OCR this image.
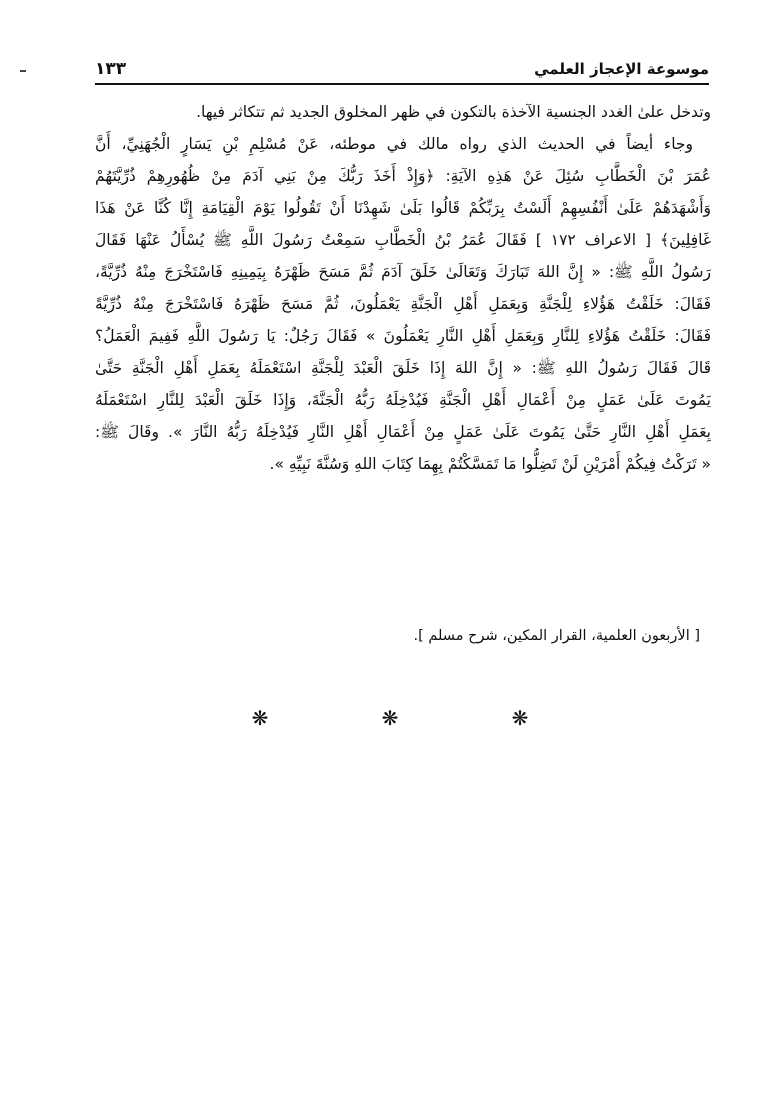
موسوعة الإعجاز العلمي
١٣٣
وتدخل علىٰ الغدد الجنسية الآخذة بالتكون في ظهر المخلوق الجديد ثم تتكاثر فيها.
وجاء أيضاً في الحديث الذي رواه مالك في موطئه، عَنْ مُسْلِمِ بْنِ يَسَارٍ الْجُهَنِيِّ، أَنَّ
عُمَرَ بْنَ الْخَطَّابِ سُئِلَ عَنْ هَذِهِ الآيَةِ: ﴿وَإِذْ أَخَذَ رَبُّكَ مِنْ بَنِي آدَمَ مِنْ ظُهُورِهِمْ ذُرِّيَّتَهُمْ
وَأَشْهَدَهُمْ عَلَىٰ أَنْفُسِهِمْ أَلَسْتُ بِرَبِّكُمْ قَالُوا بَلَىٰ شَهِدْنَا أَنْ تَقُولُوا يَوْمَ الْقِيَامَةِ إِنَّا كُنَّا عَنْ هَذَا
غَافِلِينَ﴾ [ الاعراف ١٧٢ ] فَقَالَ عُمَرُ بْنُ الْخَطَّابِ سَمِعْتُ رَسُولَ اللَّهِ ﷺ يُسْأَلُ عَنْهَا فَقَالَ
رَسُولُ اللَّهِ ﷺ: « إِنَّ اللهَ تَبَارَكَ وَتَعَالَىٰ خَلَقَ آدَمَ ثُمَّ مَسَحَ ظَهْرَهُ بِيَمِينِهِ فَاسْتَخْرَجَ مِنْهُ ذُرِّيَّةً،
فَقَالَ: خَلَقْتُ هَؤُلاءِ لِلْجَنَّةِ وَبِعَمَلِ أَهْلِ الْجَنَّةِ يَعْمَلُونَ، ثُمَّ مَسَحَ ظَهْرَهُ فَاسْتَخْرَجَ مِنْهُ ذُرِّيَّةً
فَقَالَ: خَلَقْتُ هَؤُلاءِ لِلنَّارِ وَبِعَمَلِ أَهْلِ النَّارِ يَعْمَلُونَ » فَقَالَ رَجُلٌ: يَا رَسُولَ اللَّهِ فَفِيمَ الْعَمَلُ؟
قَالَ فَقَالَ رَسُولُ اللهِ ﷺ: « إِنَّ اللهَ إِذَا خَلَقَ الْعَبْدَ لِلْجَنَّةِ اسْتَعْمَلَهُ بِعَمَلِ أَهْلِ الْجَنَّةِ حَتَّىٰ
يَمُوتَ عَلَىٰ عَمَلٍ مِنْ أَعْمَالِ أَهْلِ الْجَنَّةِ فَيُدْخِلَهُ رَبُّهُ الْجَنَّةَ، وَإِذَا خَلَقَ الْعَبْدَ لِلنَّارِ اسْتَعْمَلَهُ
بِعَمَلِ أَهْلِ النَّارِ حَتَّىٰ يَمُوتَ عَلَىٰ عَمَلٍ مِنْ أَعْمَالِ أَهْلِ النَّارِ فَيُدْخِلَهُ رَبُّهُ النَّارَ ». وقَالَ ﷺ:
« تَرَكْتُ فِيكُمْ أَمْرَيْنِ لَنْ تَضِلُّوا مَا تَمَسَّكْتُمْ بِهِمَا كِتَابَ اللهِ وَسُنَّةَ نَبِيِّهِ ».
[ الأربعون العلمية، القرار المكين، شرح مسلم ].
❋	❋	❋
